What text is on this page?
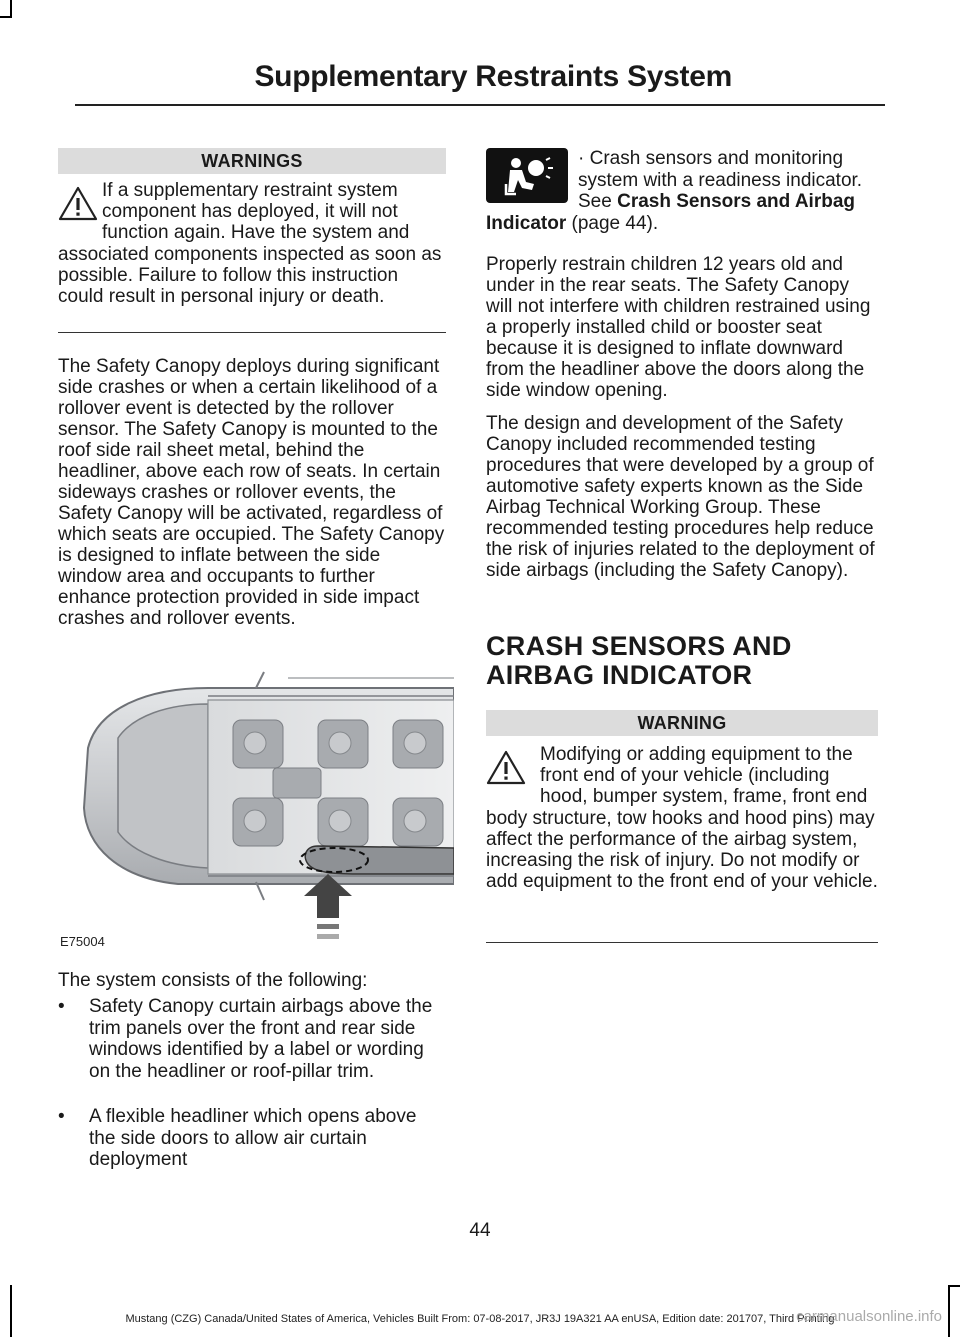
Supplementary Restraints System
WARNINGS
If a supplementary restraint system component has deployed, it will not function again. Have the system and associated components inspected as soon as possible. Failure to follow this instruction could result in personal injury or death.

The Safety Canopy deploys during significant side crashes or when a certain likelihood of a rollover event is detected by the rollover sensor. The Safety Canopy is mounted to the roof side rail sheet metal, behind the headliner, above each row of seats. In certain sideways crashes or rollover events, the Safety Canopy will be activated, regardless of which seats are occupied. The Safety Canopy is designed to inflate between the side window area and occupants to further enhance protection provided in side impact crashes and rollover events.

E75004

The system consists of the following:

• Safety Canopy curtain airbags above the trim panels over the front and rear side windows identified by a label or wording on the headliner or roof-pillar trim.
• A flexible headliner which opens above the side doors to allow air curtain deployment
· Crash sensors and monitoring system with a readiness indicator. See Crash Sensors and Airbag Indicator (page 44).

Properly restrain children 12 years old and under in the rear seats. The Safety Canopy will not interfere with children restrained using a properly installed child or booster seat because it is designed to inflate downward from the headliner above the doors along the side window opening.

The design and development of the Safety Canopy included recommended testing procedures that were developed by a group of automotive safety experts known as the Side Airbag Technical Working Group. These recommended testing procedures help reduce the risk of injuries related to the deployment of side airbags (including the Safety Canopy).

CRASH SENSORS AND
AIRBAG INDICATOR
WARNING
Modifying or adding equipment to the front end of your vehicle (including hood, bumper system, frame, front end body structure, tow hooks and hood pins) may affect the performance of the airbag system, increasing the risk of injury. Do not modify or add equipment to the front end of your vehicle.
44
Mustang (CZG) Canada/United States of America, Vehicles Built From: 07-08-2017, JR3J 19A321 AA enUSA, Edition date: 201707, Third Printing
carmanualsonline.info
